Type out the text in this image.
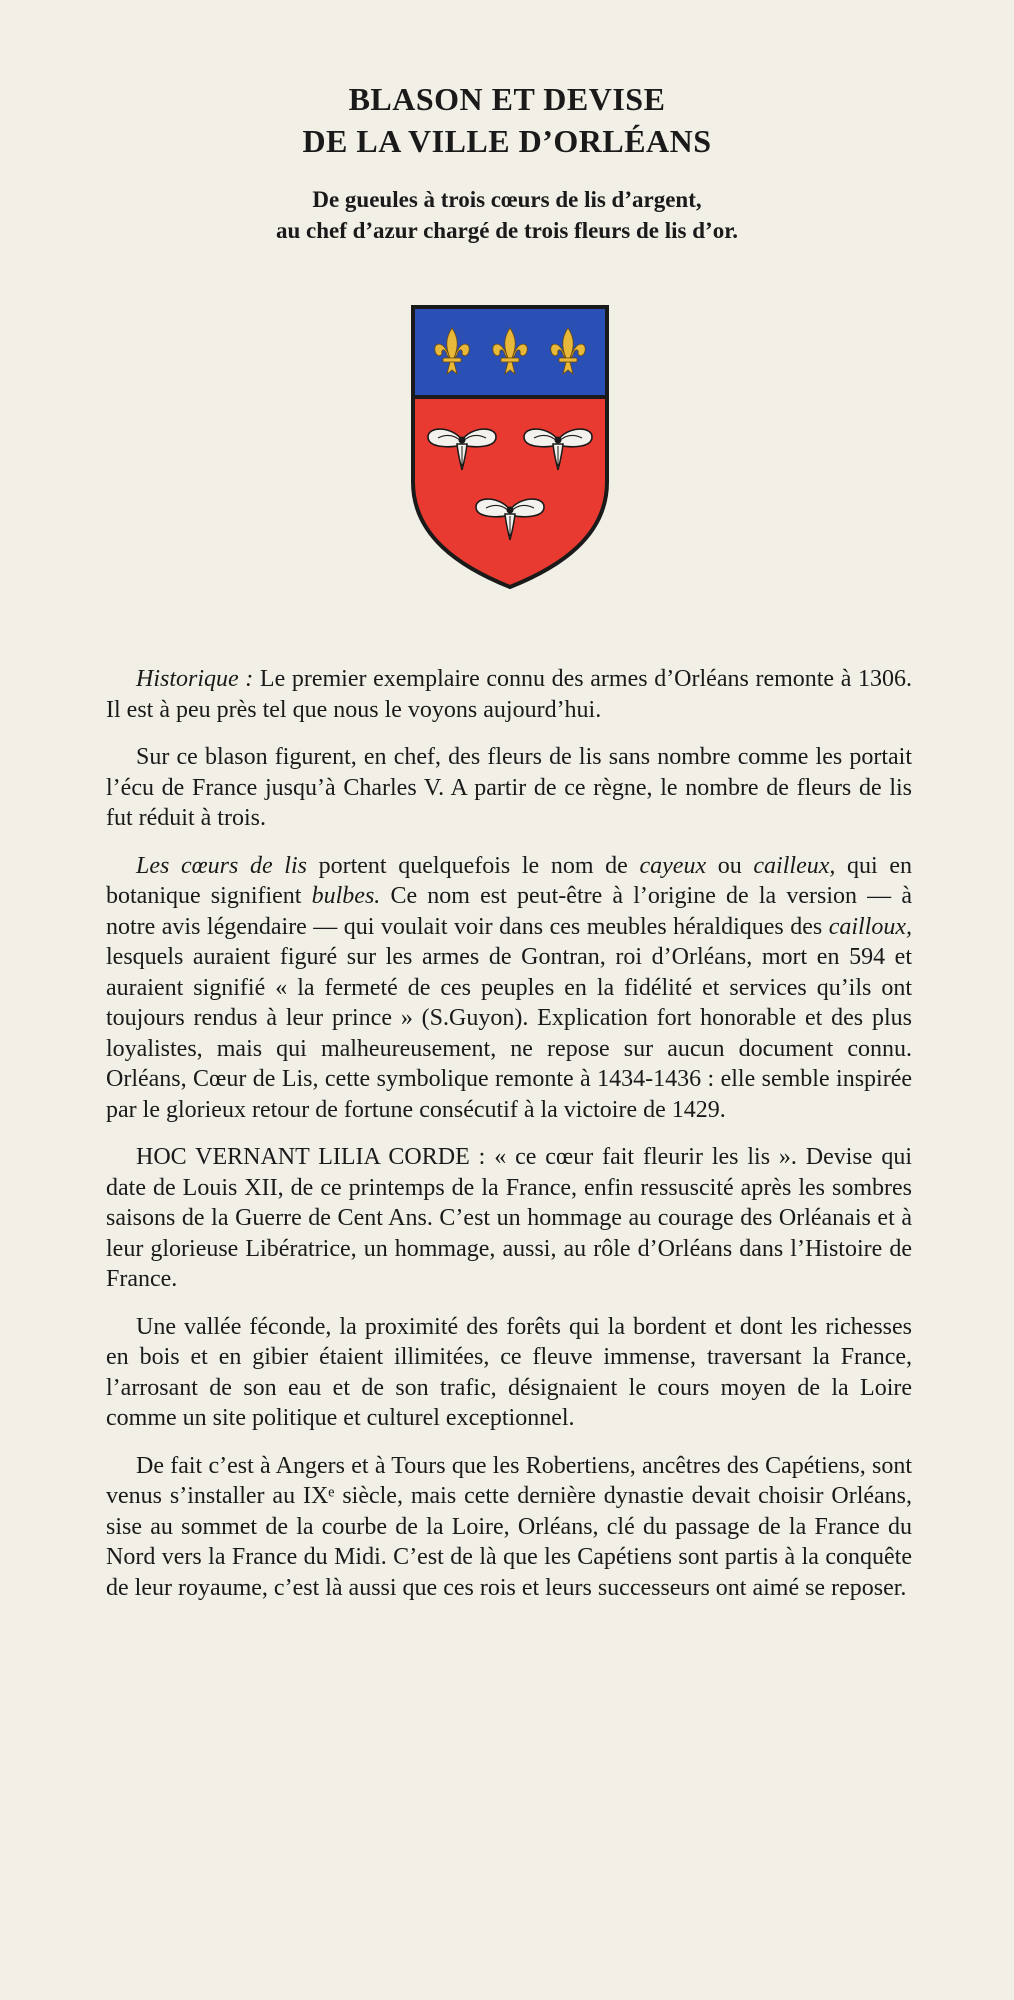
BLASON ET DEVISE
DE LA VILLE D’ORLÉANS
De gueules à trois cœurs de lis d’argent,
au chef d’azur chargé de trois fleurs de lis d’or.

Historique : Le premier exemplaire connu des armes d’Orléans remonte à 1306. Il est à peu près tel que nous le voyons aujourd’hui.

Sur ce blason figurent, en chef, des fleurs de lis sans nombre comme les portait l’écu de France jusqu’à Charles V. A partir de ce règne, le nombre de fleurs de lis fut réduit à trois.

Les cœurs de lis portent quelquefois le nom de cayeux ou cailleux, qui en botanique signifient bulbes. Ce nom est peut-être à l’origine de la version — à notre avis légendaire — qui voulait voir dans ces meubles héraldiques des cailloux, lesquels auraient figuré sur les armes de Gontran, roi d’Orléans, mort en 594 et auraient signifié « la fermeté de ces peuples en la fidélité et services qu’ils ont toujours rendus à leur prince » (S.Guyon). Explication fort honorable et des plus loyalistes, mais qui malheureusement, ne repose sur aucun document connu. Orléans, Cœur de Lis, cette symbolique remonte à 1434-1436 : elle semble inspirée par le glorieux retour de fortune consécutif à la victoire de 1429.

HOC VERNANT LILIA CORDE : « ce cœur fait fleurir les lis ». Devise qui date de Louis XII, de ce printemps de la France, enfin ressuscité après les sombres saisons de la Guerre de Cent Ans. C’est un hommage au courage des Orléanais et à leur glorieuse Libératrice, un hommage, aussi, au rôle d’Orléans dans l’Histoire de France.

Une vallée féconde, la proximité des forêts qui la bordent et dont les richesses en bois et en gibier étaient illimitées, ce fleuve immense, traversant la France, l’arrosant de son eau et de son trafic, désignaient le cours moyen de la Loire comme un site politique et culturel exceptionnel.

De fait c’est à Angers et à Tours que les Robertiens, ancêtres des Capétiens, sont venus s’installer au IXᵉ siècle, mais cette dernière dynastie devait choisir Orléans, sise au sommet de la courbe de la Loire, Orléans, clé du passage de la France du Nord vers la France du Midi. C’est de là que les Capétiens sont partis à la conquête de leur royaume, c’est là aussi que ces rois et leurs successeurs ont aimé se reposer.
